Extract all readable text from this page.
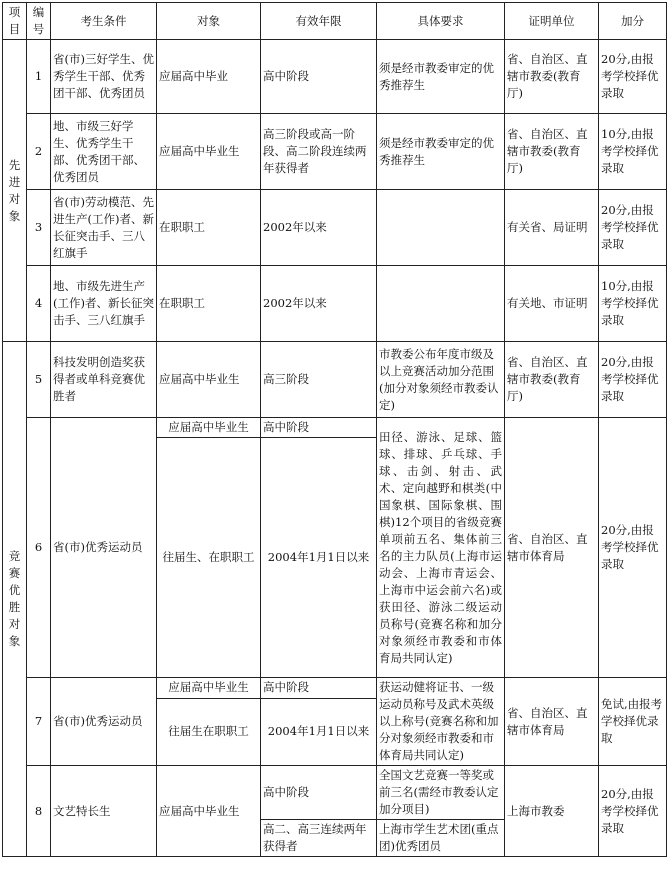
项目	编号	考生条件	对象	有效年限	具体要求	证明单位	加分

先进对象	1	省(市)三好学生、优秀学生干部、优秀团干部、优秀团员	应届高中毕业	高中阶段	须是经市教委审定的优秀推荐生	省、自治区、直辖市教委(教育厅)	20分,由报考学校择优录取
	2	地、市级三好学生、优秀学生干部、优秀团干部、优秀团员	应届高中毕业生	高三阶段或高一阶段、高二阶段连续两年获得者	须是经市教委审定的优秀推荐生	省、自治区、直辖市教委(教育厅)	10分,由报考学校择优录取
	3	省(市)劳动模范、先进生产(工作)者、新长征突击手、三八红旗手	在职职工	2002年以来		有关省、局证明	20分,由报考学校择优录取
	4	地、市级先进生产(工作)者、新长征突击手、三八红旗手	在职职工	2002年以来		有关地、市证明	10分,由报考学校择优录取

竞赛优胜对象	5	科技发明创造奖获得者或单科竞赛优胜者	应届高中毕业生	高三阶段	市教委公布年度市级及以上竞赛活动加分范围(加分对象须经市教委认定)	省、自治区、直辖市教委(教育厅)	20分,由报考学校择优录取
	6	省(市)优秀运动员	应届高中毕业生	高中阶段	田径、游泳、足球、篮球、排球、乒乓球、手球、击剑、射击、武术、定向越野和棋类(中国象棋、国际象棋、围棋)12个项目的省级竞赛单项前五名、集体前三名的主力队员(上海市运动会、上海市青运会、上海市中运会前六名)或获田径、游泳二级运动员称号(竞赛名称和加分对象须经市教委和市体育局共同认定)	省、自治区、直辖市体育局	20分,由报考学校择优录取
			往届生、在职职工	2004年1月1日以来			
	7	省(市)优秀运动员	应届高中毕业生	高中阶段	获运动健将证书、一级运动员称号及武术英级以上称号(竞赛名称和加分对象须经市教委和市体育局共同认定)	省、自治区、直辖市体育局	免试,由报考学校择优录取
			往届生在职职工	2004年1月1日以来			
	8	文艺特长生	应届高中毕业生	高中阶段	全国文艺竞赛一等奖或前三名(需经市教委认定加分项目)	上海市教委	20分,由报考学校择优录取
				高二、高三连续两年获得者	上海市学生艺术团(重点团)优秀团员		
